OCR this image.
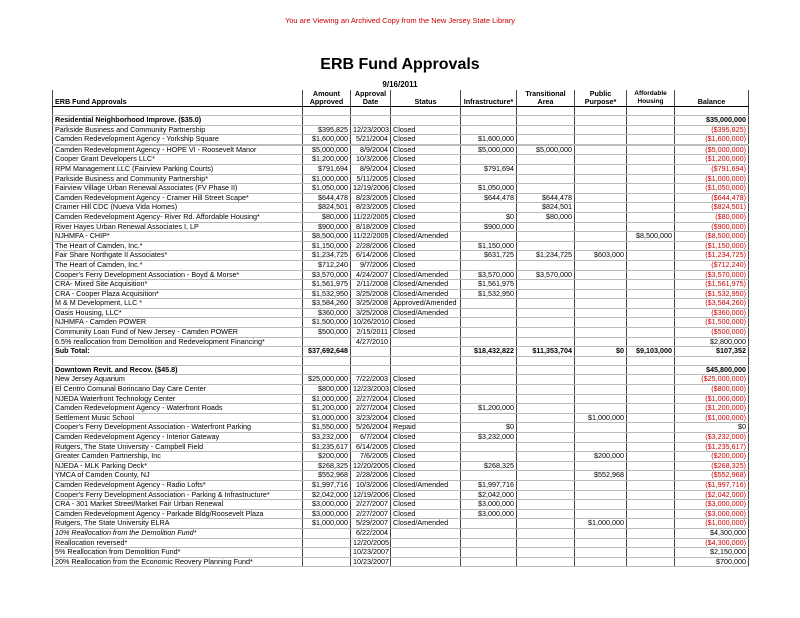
You are Viewing an Archived Copy from the New Jersey State Library
ERB Fund Approvals
9/16/2011
ERB Fund Approvals	Amount Approved	Approval Date	Status	Infrastructure*	Transitional Area	Public Purpose*	Affordable Housing	Balance

Residential Neighborhood Improve. ($35.0)								$35,000,000
Parkside Business and Community Partnership	$395,825	12/23/2003	Closed					($395,825)
Camden Redevelopment Agency - Yorkship Square	$1,600,000	5/21/2004	Closed	$1,600,000				($1,600,000)

Camden Redevelopment Agency - HOPE VI - Roosevelt Manor	$5,000,000	8/9/2004	Closed	$5,000,000	$5,000,000			($5,000,000)
Cooper Grant Developers LLC*	$1,200,000	10/3/2006	Closed					($1,200,000)
RPM Management LLC (Fairview Parking Courts)	$791,694	8/9/2004	Closed	$791,694				($791,694)
Parkside Business and Community Partnership*	$1,000,000	5/11/2005	Closed					($1,000,000)
Fairview Village Urban Renewal Associates (FV Phase II)	$1,050,000	12/19/2006	Closed	$1,050,000				($1,050,000)
Camden Redevelopment Agency - Cramer Hill Street Scape*	$644,478	8/23/2005	Closed	$644,478	$644,478			($644,478)
Cramer Hill CDC (Nueva Vida Homes)	$824,501	8/23/2005	Closed		$824,501			($824,501)
Camden Redevelopment Agency- River Rd. Affordable Housing*	$80,000	11/22/2005	Closed	$0	$80,000			($80,000)
River Hayes Urban Renewal Associates I, LP	$900,000	8/18/2009	Closed	$900,000				($900,000)
NJHMFA - CHIP*	$8,500,000	11/22/2005	Closed/Amended				$8,500,000	($8,500,000)
The Heart of Camden, Inc.*	$1,150,000	2/28/2006	Closed	$1,150,000				($1,150,000)
Fair Share Northgate II Associates*	$1,234,725	6/14/2006	Closed	$631,725	$1,234,725	$603,000		($1,234,725)
The Heart of Camden, Inc.*	$712,240	9/7/2006	Closed					($712,240)
Cooper's Ferry Development Association - Boyd & Morse*	$3,570,000	4/24/2007	Closed/Amended	$3,570,000	$3,570,000			($3,570,000)
CRA- Mixed Site Acquisition*	$1,561,975	2/11/2008	Closed/Amended	$1,561,975				($1,561,975)
CRA - Cooper Plaza Acquisition*	$1,532,950	3/25/2008	Closed/Amended	$1,532,950				($1,532,950)
M & M Development, LLC *	$3,584,260	3/25/2008	Approved/Amended					($3,584,260)
Oasis Housing, LLC*	$360,000	3/25/2008	Closed/Amended					($360,000)
NJHMFA - Camden POWER	$1,500,000	10/26/2010	Closed					($1,500,000)
Community Loan Fund of New Jersey - Camden POWER	$500,000	2/15/2011	Closed					($500,000)
6.5% reallocation from Demolition and Redevelopment Financing*		4/27/2010						$2,800,000
Sub Total:	$37,692,648			$18,432,822	$11,353,704	$0	$9,103,000	$107,352

Downtown Revit. and Recov. ($45.8)								$45,800,000
New Jersey Aquarium	$25,000,000	7/22/2003	Closed					($25,000,000)
El Centro Comunal Borincano Day Care Center	$800,000	12/23/2003	Closed					($800,000)
NJEDA Waterfront Technology Center	$1,000,000	2/27/2004	Closed					($1,000,000)
Camden Redevelopment Agency - Waterfront Roads	$1,200,000	2/27/2004	Closed	$1,200,000				($1,200,000)
Settlement Music School	$1,000,000	3/23/2004	Closed			$1,000,000		($1,000,000)
Cooper's Ferry Development Association - Waterfront Parking	$1,550,000	5/26/2004	Repaid	$0				$0
Camden Redevelopment Agency - Interior Gateway	$3,232,000	6/7/2004	Closed	$3,232,000				($3,232,000)
Rutgers, The State University - Campbell Field	$1,235,617	6/14/2005	Closed					($1,235,617)
Greater Camden Partnership, Inc	$200,000	7/6/2005	Closed			$200,000		($200,000)
NJEDA - MLK Parking Deck*	$268,325	12/20/2005	Closed	$268,325				($268,325)
YMCA of Camden County, NJ	$552,968	2/28/2006	Closed			$552,968		($552,968)
Camden Redevelopment Agency - Radio Lofts*	$1,997,716	10/3/2006	Closed/Amended	$1,997,716				($1,997,716)
Cooper's Ferry Development Association - Parking & Infrastructure*	$2,042,000	12/19/2006	Closed	$2,042,000				($2,042,000)
CRA - 301 Market Street/Market Fair Urban Renewal	$3,000,000	2/27/2007	Closed	$3,000,000				($3,000,000)
Camden Redevelopment Agency - Parkade Bldg/Roosevelt Plaza	$3,000,000	2/27/2007	Closed	$3,000,000				($3,000,000)
Rutgers, The State University ELRA	$1,000,000	5/29/2007	Closed/Amended			$1,000,000		($1,000,000)
10% Reallocation from the Demolition Fund*		6/22/2004						$4,300,000
Reallocation reversed*		12/20/2005						($4,300,000)
5% Reallocation from Demolition Fund*		10/23/2007						$2,150,000
20% Reallocation from the Economic Reovery Planning Fund*		10/23/2007						$700,000
